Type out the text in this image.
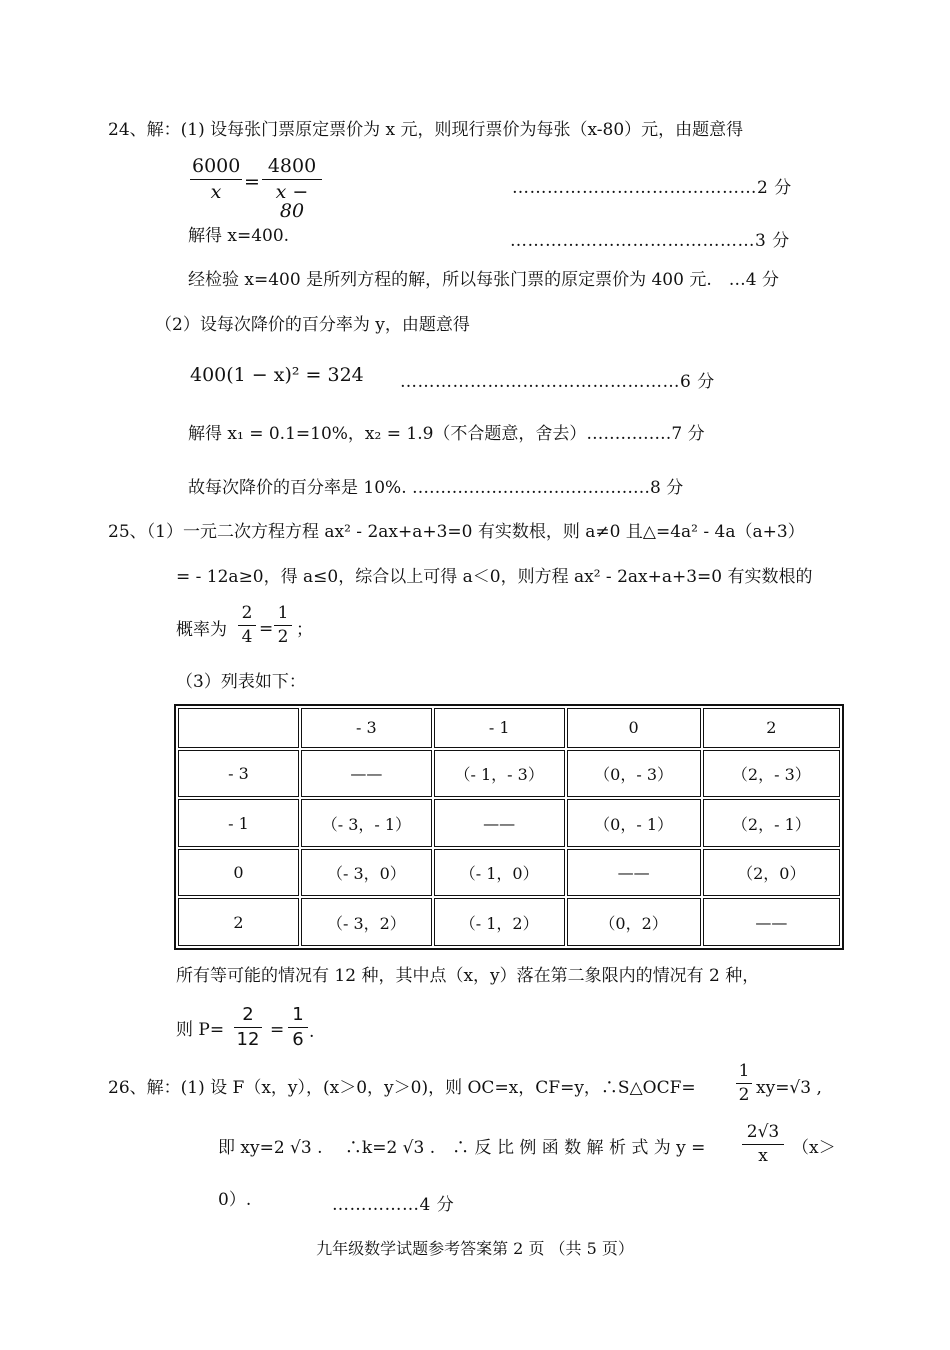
24、解：(1) 设每张门票原定票价为 x 元，则现行票价为每张（x-80）元，由题意得
$\frac{6000}{x} = \frac{4800}{x - 80}$	……………………………………2 分
解得 x=400.	……………………………………3 分
经检验 x=400 是所列方程的解，所以每张门票的原定票价为 400 元.　…4 分
（2）设每次降价的百分率为 y，由题意得
400(1 − x)² = 324 …………………………………………6 分
解得 x₁ = 0.1=10%，x₂ = 1.9（不合题意，舍去）……………7 分
故每次降价的百分率是 10%. ……………………………………8 分
25、（1）一元二次方程方程 ax² - 2ax+a+3=0 有实数根，则 a≠0 且△=4a² - 4a（a+3）
= - 12a≥0，得 a≤0，综合以上可得 a＜0，则方程 ax² - 2ax+a+3=0 有实数根的
概率为 $\frac{2}{4} = \frac{1}{2}$ ；
（3）列表如下：
	- 3	- 1	0	2
- 3	——	（- 1，- 3）	（0，- 3）	（2，- 3）
- 1	（- 3，- 1）	——	（0，- 1）	（2，- 1）
0	（- 3，0）	（- 1，0）	——	（2，0）
2	（- 3，2）	（- 1，2）	（0，2）	——
所有等可能的情况有 12 种，其中点（x，y）落在第二象限内的情况有 2 种，
则 $P= \frac{2}{12} = \frac{1}{6}$ .
26、解：(1) 设 F（x，y），(x＞0，y＞0)，则 OC=x，CF=y，∴S△OCF= $\frac{1}{2} xy=√3$ ,
即 xy=2 √3 .　 ∴k=2 √3 .　∴ 反 比 例 函 数 解 析 式 为 $y = \frac{2√3}{x} (x>$
0）.	……………4 分
九年级数学试题参考答案第 2 页 （共 5 页）
